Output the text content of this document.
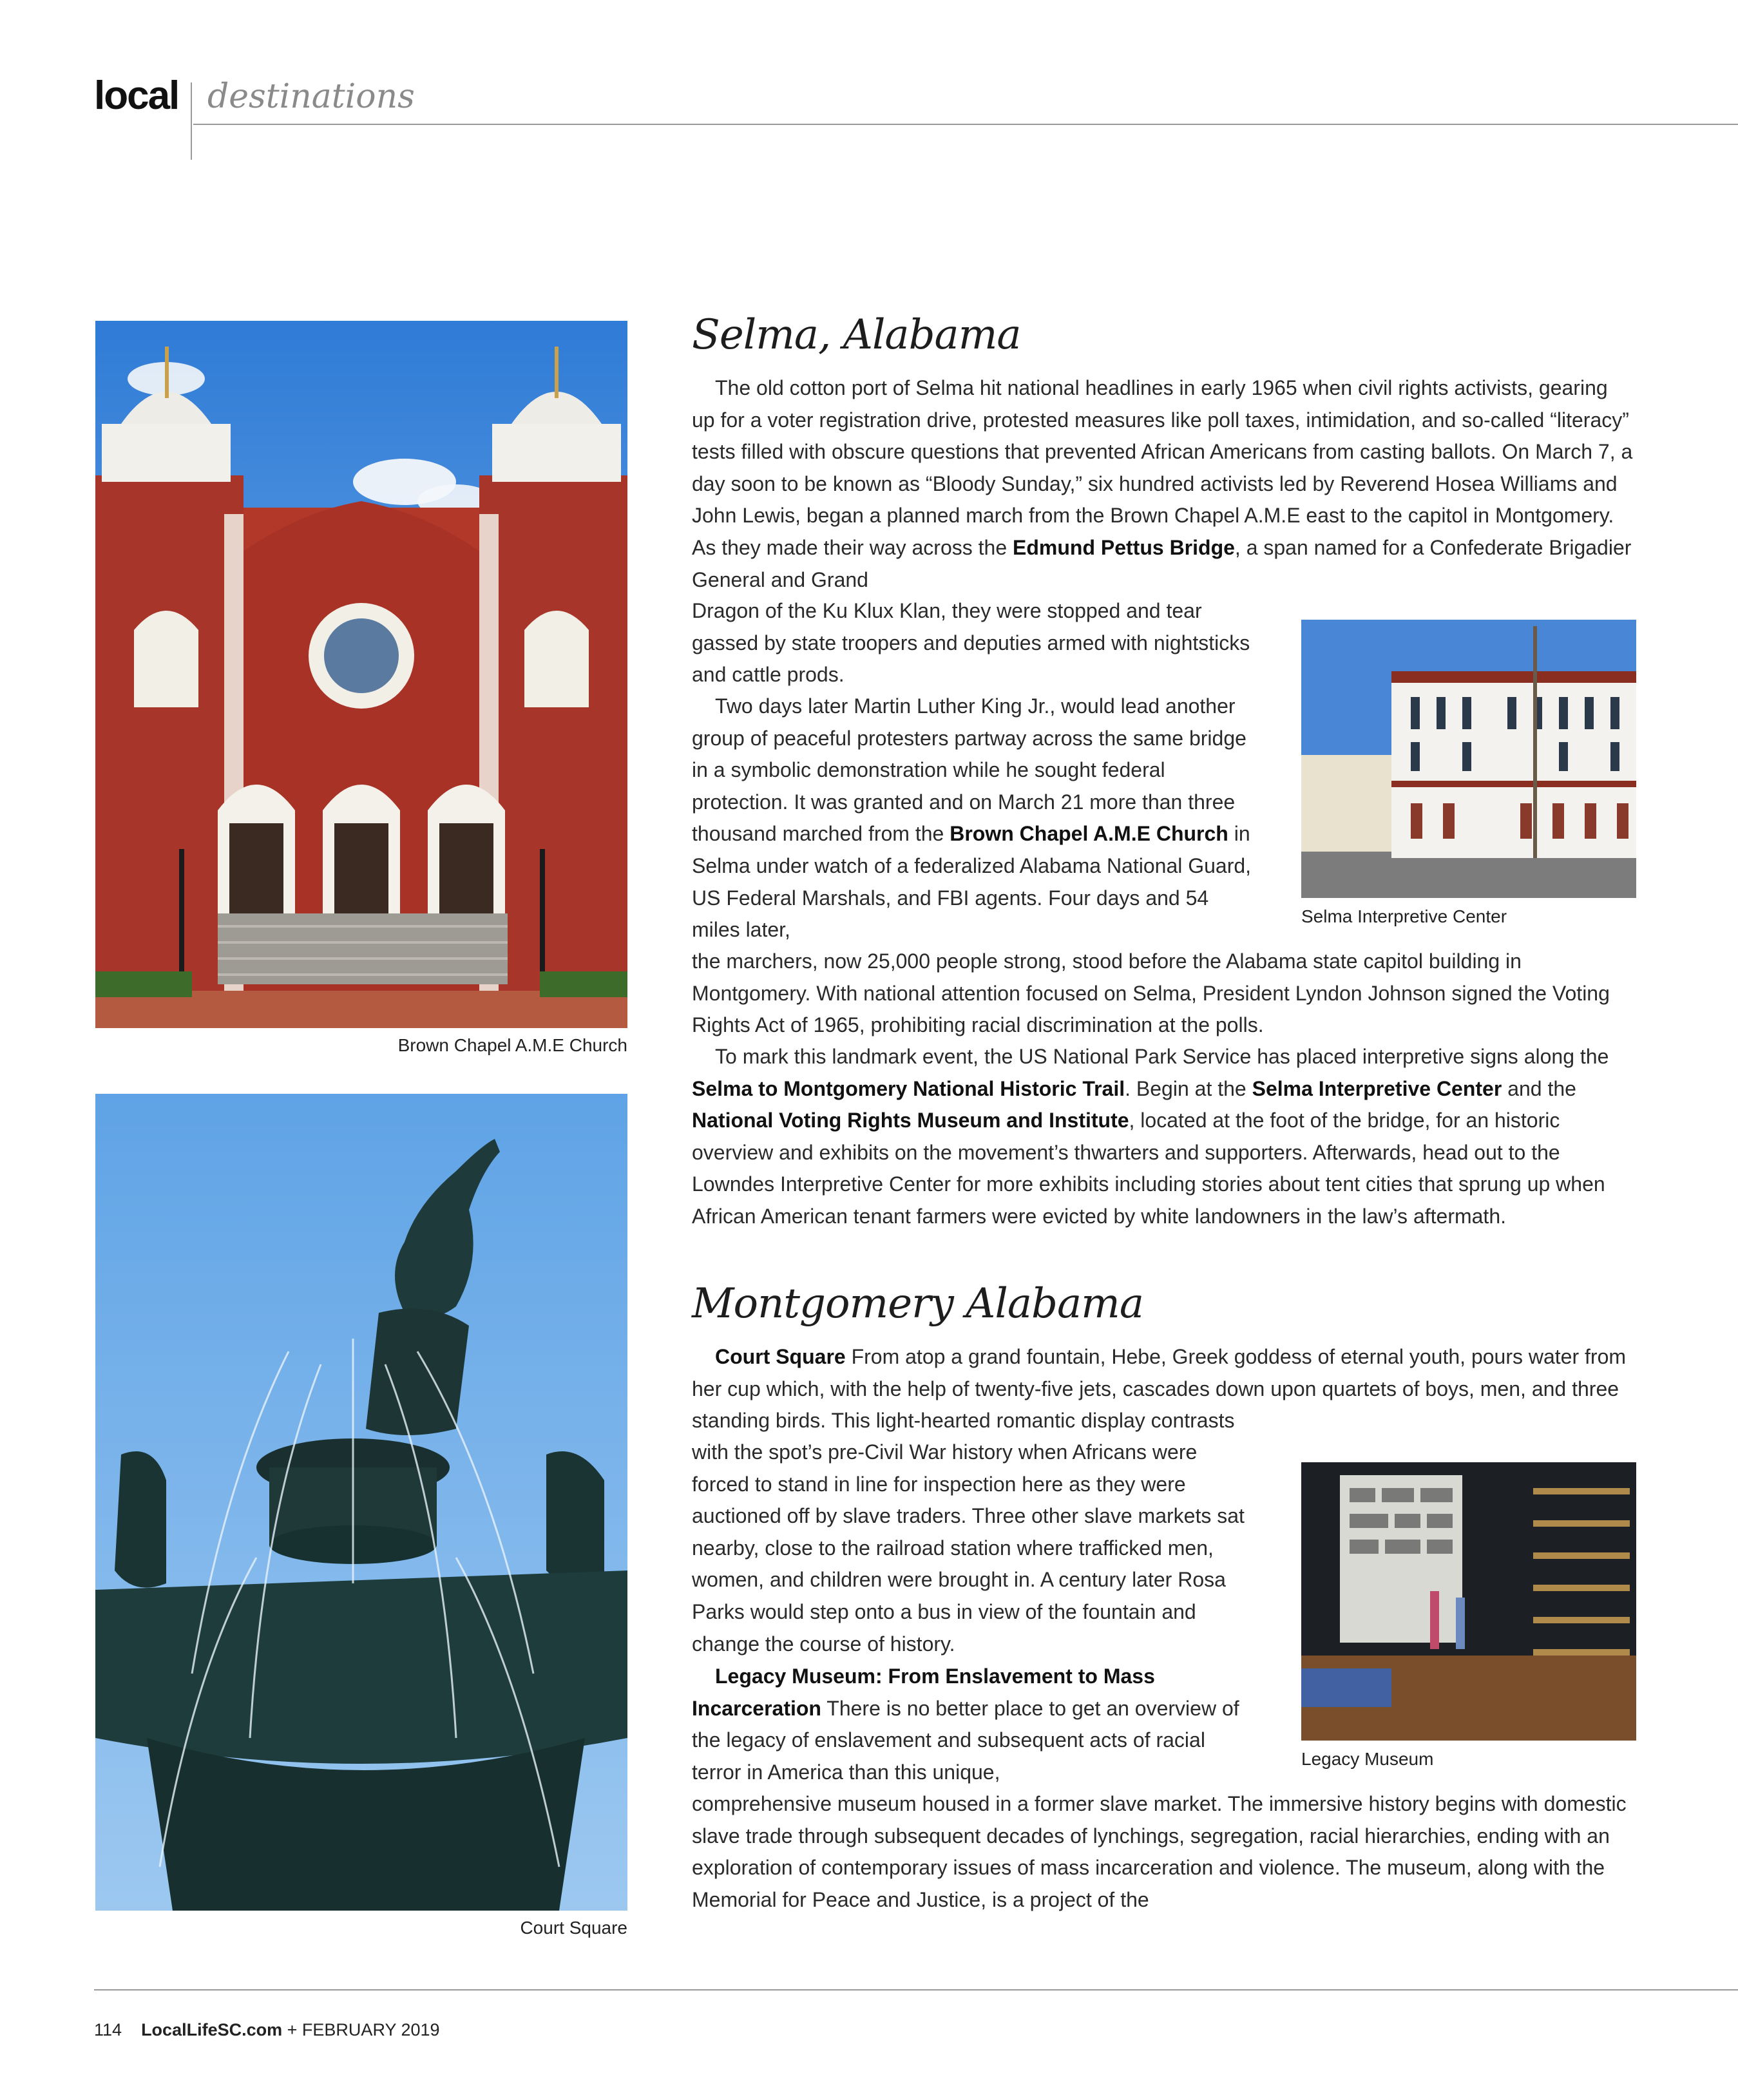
local destinations
Brown Chapel A.M.E Church
Court Square
Selma Interpretive Center
Legacy Museum
Selma, Alabama

The old cotton port of Selma hit national headlines in early 1965 when civil rights activists, gearing up for a voter registration drive, protested measures like poll taxes, intimidation, and so-called “literacy” tests filled with obscure questions that prevented African Americans from casting ballots. On March 7, a day soon to be known as “Bloody Sunday,” six hundred activists led by Reverend Hosea Williams and John Lewis, began a planned march from the Brown Chapel A.M.E east to the capitol in Montgomery. As they made their way across the Edmund Pettus Bridge, a span named for a Confederate Brigadier General and Grand

Dragon of the Ku Klux Klan, they were stopped and tear gassed by state troopers and deputies armed with nightsticks and cattle prods.

Two days later Martin Luther King Jr., would lead another group of peaceful protesters partway across the same bridge in a symbolic demonstration while he sought federal protection. It was granted and on March 21 more than three thousand marched from the Brown Chapel A.M.E Church in Selma under watch of a federalized Alabama National Guard, US Federal Marshals, and FBI agents. Four days and 54 miles later,

the marchers, now 25,000 people strong, stood before the Alabama state capitol building in Montgomery. With national attention focused on Selma, President Lyndon Johnson signed the Voting Rights Act of 1965, prohibiting racial discrimination at the polls.

To mark this landmark event, the US National Park Service has placed interpretive signs along the Selma to Montgomery National Historic Trail. Begin at the Selma Interpretive Center and the National Voting Rights Museum and Institute, located at the foot of the bridge, for an historic overview and exhibits on the movement’s thwarters and supporters. Afterwards, head out to the Lowndes Interpretive Center for more exhibits including stories about tent cities that sprung up when African American tenant farmers were evicted by white landowners in the law’s aftermath.

Montgomery Alabama

Court Square From atop a grand fountain, Hebe, Greek goddess of eternal youth, pours water from her cup which, with the help of twenty-five jets, cascades down upon quartets of boys, men, and three standing birds. This light-hearted romantic display contrasts

with the spot’s pre-Civil War history when Africans were forced to stand in line for inspection here as they were auctioned off by slave traders. Three other slave markets sat nearby, close to the railroad station where trafficked men, women, and children were brought in. A century later Rosa Parks would step onto a bus in view of the fountain and change the course of history.

Legacy Museum: From Enslavement to Mass Incarceration There is no better place to get an overview of the legacy of enslavement and subsequent acts of racial terror in America than this unique,

comprehensive museum housed in a former slave market. The immersive history begins with domestic slave trade through subsequent decades of lynchings, segregation, racial hierarchies, ending with an exploration of contemporary issues of mass incarceration and violence. The museum, along with the Memorial for Peace and Justice, is a project of the

114 LocalLifeSC.com + FEBRUARY 2019
